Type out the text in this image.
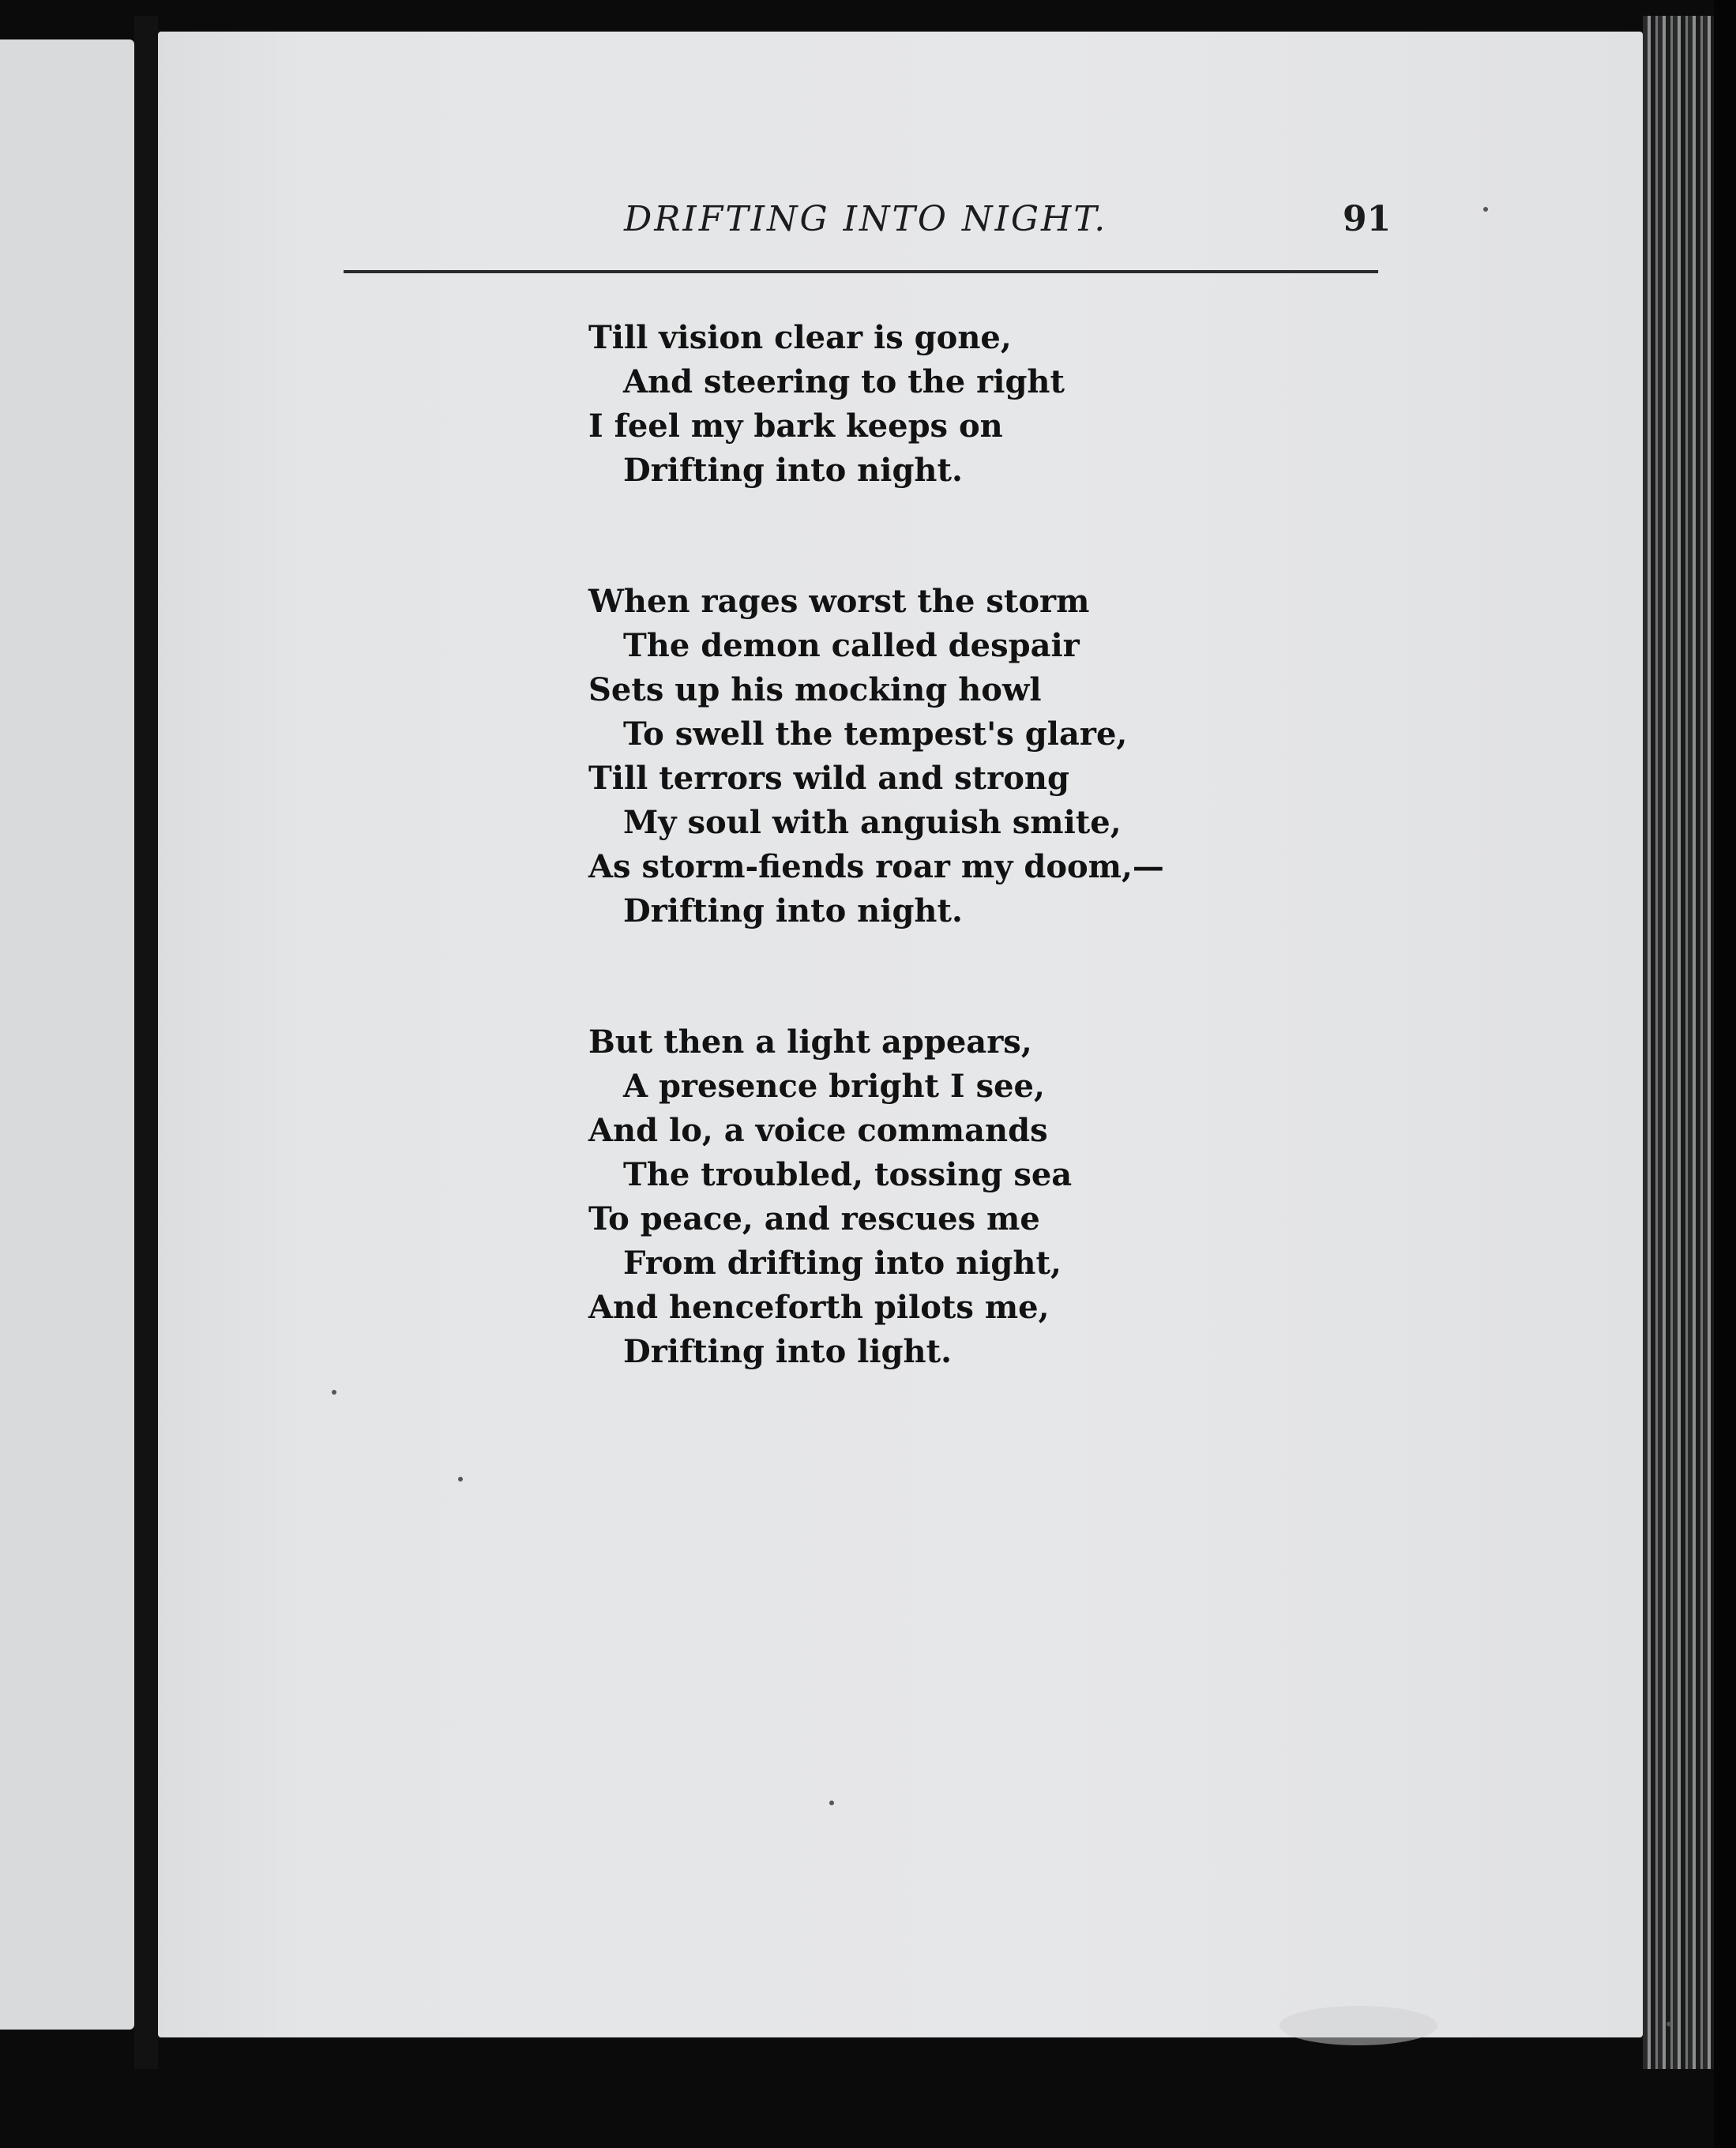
DRIFTING INTO NIGHT.	91
Till vision clear is gone,
And steering to the right
I feel my bark keeps on
Drifting into night.
When rages worst the storm
The demon called despair
Sets up his mocking howl
To swell the tempest's glare,
Till terrors wild and strong
My soul with anguish smite,
As storm-fiends roar my doom,—
Drifting into night.
But then a light appears,
A presence bright I see,
And lo, a voice commands
The troubled, tossing sea
To peace, and rescues me
From drifting into night,
And henceforth pilots me,
Drifting into light.
